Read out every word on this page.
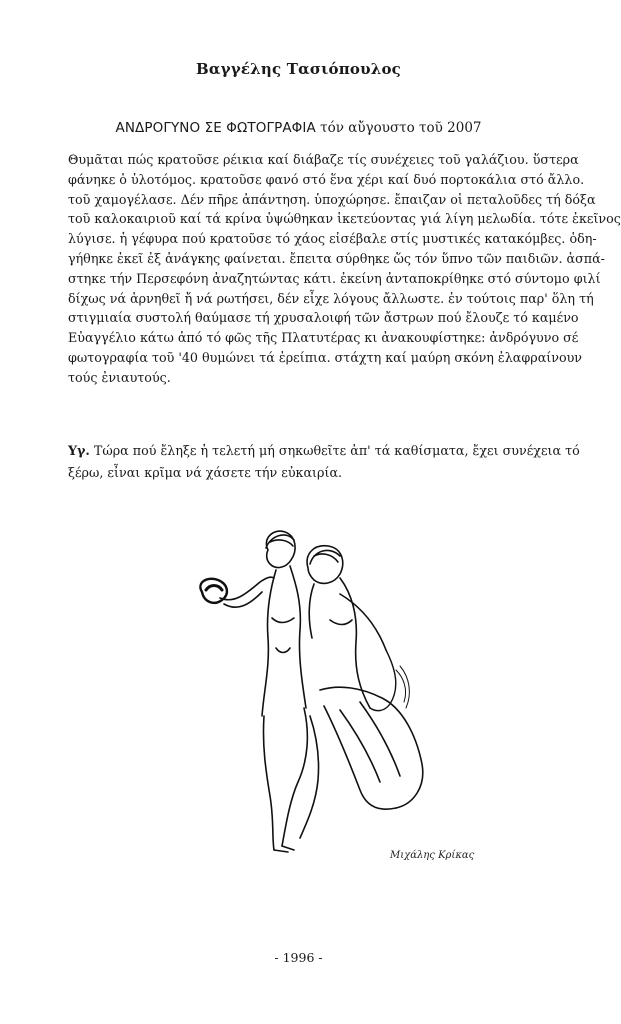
Βαγγέλης Τασιόπουλος
ΑΝΔΡΟΓΥΝΟ ΣΕ ΦΩΤΟΓΡΑΦΙΑ τόν αὔγουστο τοῦ 2007
Θυμᾶται πώς κρατοῦσε ρέικια καί διάβαζε τίς συνέχειες τοῦ γαλάζιου. ὕστερα
φάνηκε ὁ ὑλοτόμος. κρατοῦσε φανό στό ἕνα χέρι καί δυό πορτοκάλια στό ἄλλο.
τοῦ χαμογέλασε. Δέν πῆρε ἀπάντηση. ὑποχώρησε. ἔπαιζαν οἱ πεταλοῦδες τή δόξα
τοῦ καλοκαιριοῦ καί τά κρίνα ὑψώθηκαν ἱκετεύοντας γιά λίγη μελωδία. τότε ἐκεῖνος
λύγισε. ἡ γέφυρα πού κρατοῦσε τό χάος εἰσέβαλε στίς μυστικές κατακόμβες. ὁδη-
γήθηκε ἐκεῖ ἐξ ἀνάγκης φαίνεται. ἔπειτα σύρθηκε ὥς τόν ὕπνο τῶν παιδιῶν. ἀσπά-
στηκε τήν Περσεφόνη ἀναζητώντας κάτι. ἐκείνη ἀνταποκρίθηκε στό σύντομο φιλί
δίχως νά ἀρνηθεῖ ἤ νά ρωτήσει, δέν εἶχε λόγους ἄλλωστε. ἐν τούτοις παρ' ὅλη τή
στιγμιαία συστολή θαύμασε τή χρυσαλοιφή τῶν ἄστρων πού ἔλουζε τό καμένο
Εὐαγγέλιο κάτω ἀπό τό φῶς τῆς Πλατυτέρας κι ἀνακουφίστηκε: ἀνδρόγυνο σέ
φωτογραφία τοῦ '40 θυμώνει τά ἐρείπια. στάχτη καί μαύρη σκόνη ἐλαφραίνουν
τούς ἐνιαυτούς.
Υγ. Τώρα πού ἔληξε ἡ τελετή μή σηκωθεῖτε ἀπ' τά καθίσματα, ἔχει συνέχεια τό
ξέρω, εἶναι κρῖμα νά χάσετε τήν εὐκαιρία.
Μιχάλης Κρίκας
- 1996 -
